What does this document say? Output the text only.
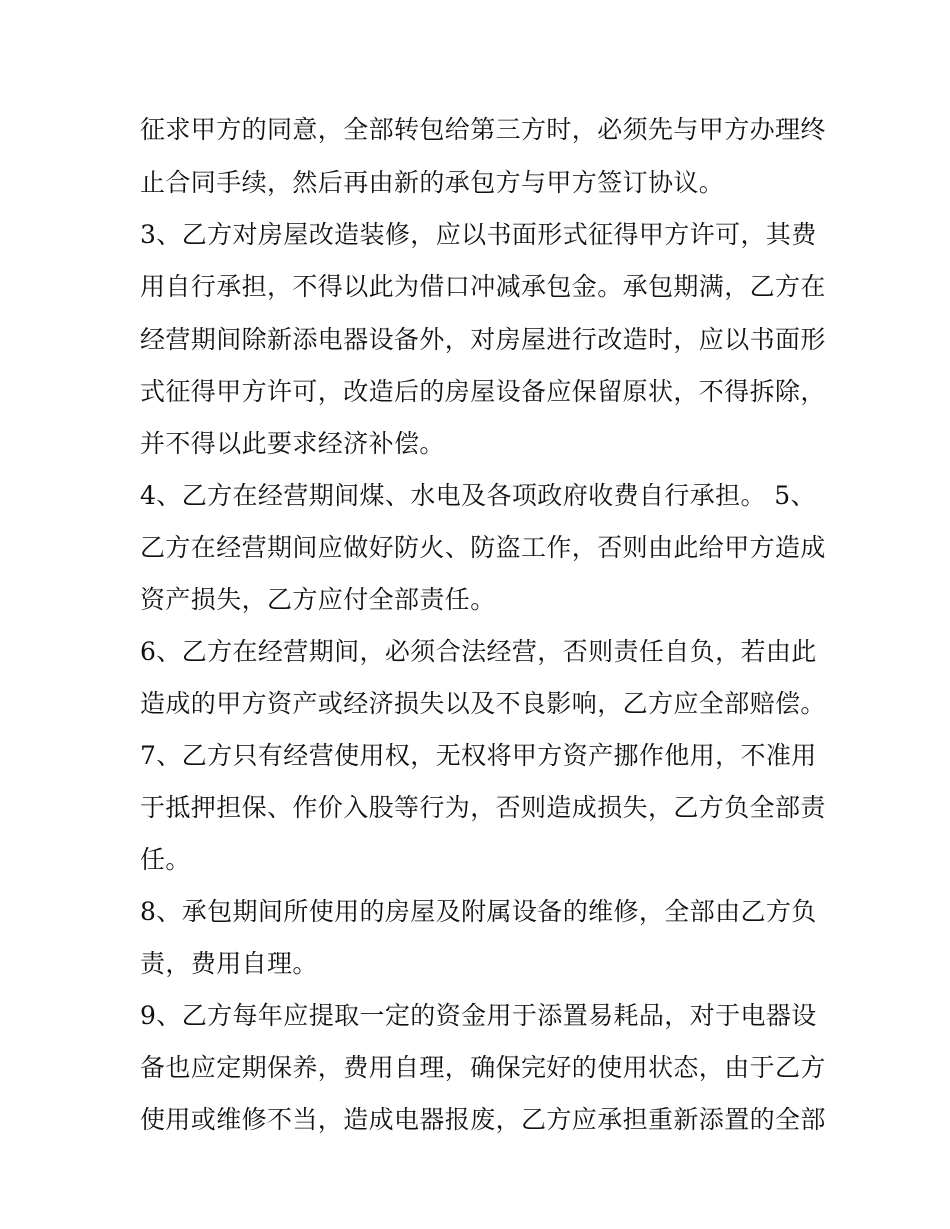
征求甲方的同意，全部转包给第三方时，必须先与甲方办理终
止合同手续，然后再由新的承包方与甲方签订协议。
3、乙方对房屋改造装修，应以书面形式征得甲方许可，其费
用自行承担，不得以此为借口冲减承包金。承包期满，乙方在
经营期间除新添电器设备外，对房屋进行改造时，应以书面形
式征得甲方许可，改造后的房屋设备应保留原状，不得拆除，
并不得以此要求经济补偿。
4、乙方在经营期间煤、水电及各项政府收费自行承担。 5、
乙方在经营期间应做好防火、防盗工作，否则由此给甲方造成
资产损失，乙方应付全部责任。
6、乙方在经营期间，必须合法经营，否则责任自负，若由此
造成的甲方资产或经济损失以及不良影响，乙方应全部赔偿。
7、乙方只有经营使用权，无权将甲方资产挪作他用，不准用
于抵押担保、作价入股等行为，否则造成损失，乙方负全部责
任。
8、承包期间所使用的房屋及附属设备的维修，全部由乙方负
责，费用自理。
9、乙方每年应提取一定的资金用于添置易耗品，对于电器设
备也应定期保养，费用自理，确保完好的使用状态，由于乙方
使用或维修不当，造成电器报废，乙方应承担重新添置的全部
